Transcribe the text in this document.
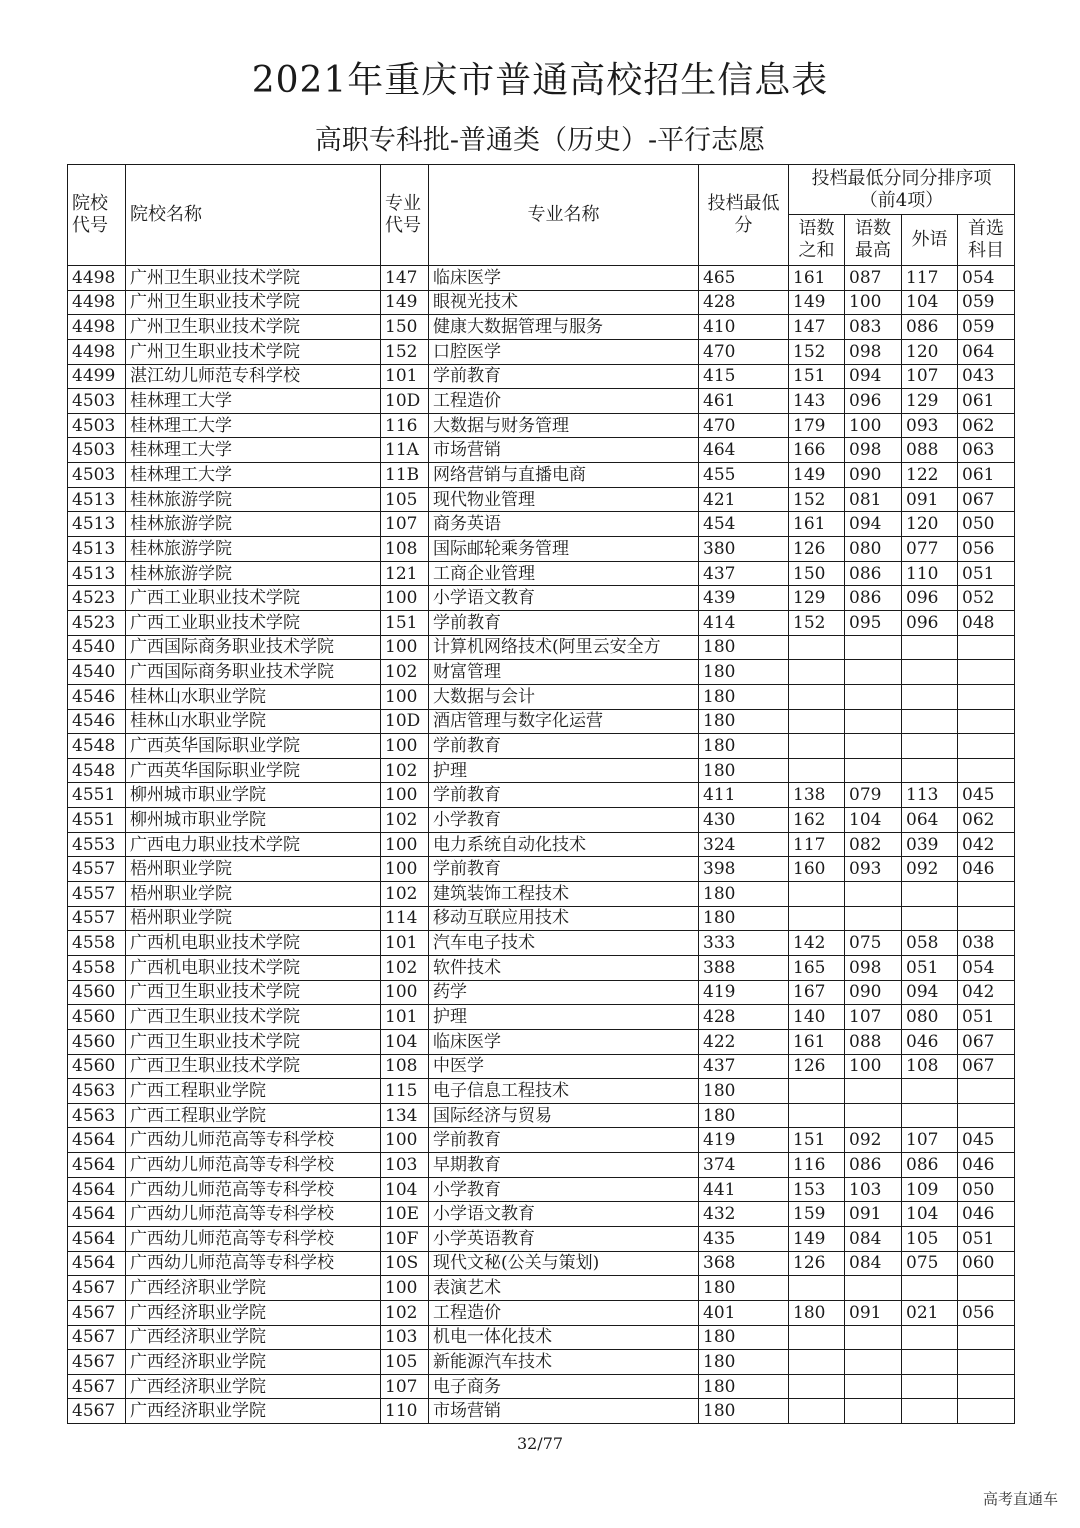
2021年重庆市普通高校招生信息表
高职专科批-普通类（历史）-平行志愿
院校代号	院校名称	专业代号	专业名称	投档最低分	投档最低分同分排序项（前4项）			
					语数之和	语数最高	外语	首选科目
4498	广州卫生职业技术学院	147	临床医学	465	161	087	117	054
4498	广州卫生职业技术学院	149	眼视光技术	428	149	100	104	059
4498	广州卫生职业技术学院	150	健康大数据管理与服务	410	147	083	086	059
4498	广州卫生职业技术学院	152	口腔医学	470	152	098	120	064
4499	湛江幼儿师范专科学校	101	学前教育	415	151	094	107	043
4503	桂林理工大学	10D	工程造价	461	143	096	129	061
4503	桂林理工大学	116	大数据与财务管理	470	179	100	093	062
4503	桂林理工大学	11A	市场营销	464	166	098	088	063
4503	桂林理工大学	11B	网络营销与直播电商	455	149	090	122	061
4513	桂林旅游学院	105	现代物业管理	421	152	081	091	067
4513	桂林旅游学院	107	商务英语	454	161	094	120	050
4513	桂林旅游学院	108	国际邮轮乘务管理	380	126	080	077	056
4513	桂林旅游学院	121	工商企业管理	437	150	086	110	051
4523	广西工业职业技术学院	100	小学语文教育	439	129	086	096	052
4523	广西工业职业技术学院	151	学前教育	414	152	095	096	048
4540	广西国际商务职业技术学院	100	计算机网络技术(阿里云安全方	180				
4540	广西国际商务职业技术学院	102	财富管理	180				
4546	桂林山水职业学院	100	大数据与会计	180				
4546	桂林山水职业学院	10D	酒店管理与数字化运营	180				
4548	广西英华国际职业学院	100	学前教育	180				
4548	广西英华国际职业学院	102	护理	180				
4551	柳州城市职业学院	100	学前教育	411	138	079	113	045
4551	柳州城市职业学院	102	小学教育	430	162	104	064	062
4553	广西电力职业技术学院	100	电力系统自动化技术	324	117	082	039	042
4557	梧州职业学院	100	学前教育	398	160	093	092	046
4557	梧州职业学院	102	建筑装饰工程技术	180				
4557	梧州职业学院	114	移动互联应用技术	180				
4558	广西机电职业技术学院	101	汽车电子技术	333	142	075	058	038
4558	广西机电职业技术学院	102	软件技术	388	165	098	051	054
4560	广西卫生职业技术学院	100	药学	419	167	090	094	042
4560	广西卫生职业技术学院	101	护理	428	140	107	080	051
4560	广西卫生职业技术学院	104	临床医学	422	161	088	046	067
4560	广西卫生职业技术学院	108	中医学	437	126	100	108	067
4563	广西工程职业学院	115	电子信息工程技术	180				
4563	广西工程职业学院	134	国际经济与贸易	180				
4564	广西幼儿师范高等专科学校	100	学前教育	419	151	092	107	045
4564	广西幼儿师范高等专科学校	103	早期教育	374	116	086	086	046
4564	广西幼儿师范高等专科学校	104	小学教育	441	153	103	109	050
4564	广西幼儿师范高等专科学校	10E	小学语文教育	432	159	091	104	046
4564	广西幼儿师范高等专科学校	10F	小学英语教育	435	149	084	105	051
4564	广西幼儿师范高等专科学校	10S	现代文秘(公关与策划)	368	126	084	075	060
4567	广西经济职业学院	100	表演艺术	180				
4567	广西经济职业学院	102	工程造价	401	180	091	021	056
4567	广西经济职业学院	103	机电一体化技术	180				
4567	广西经济职业学院	105	新能源汽车技术	180				
4567	广西经济职业学院	107	电子商务	180				
4567	广西经济职业学院	110	市场营销	180				
32/77
高考直通车
